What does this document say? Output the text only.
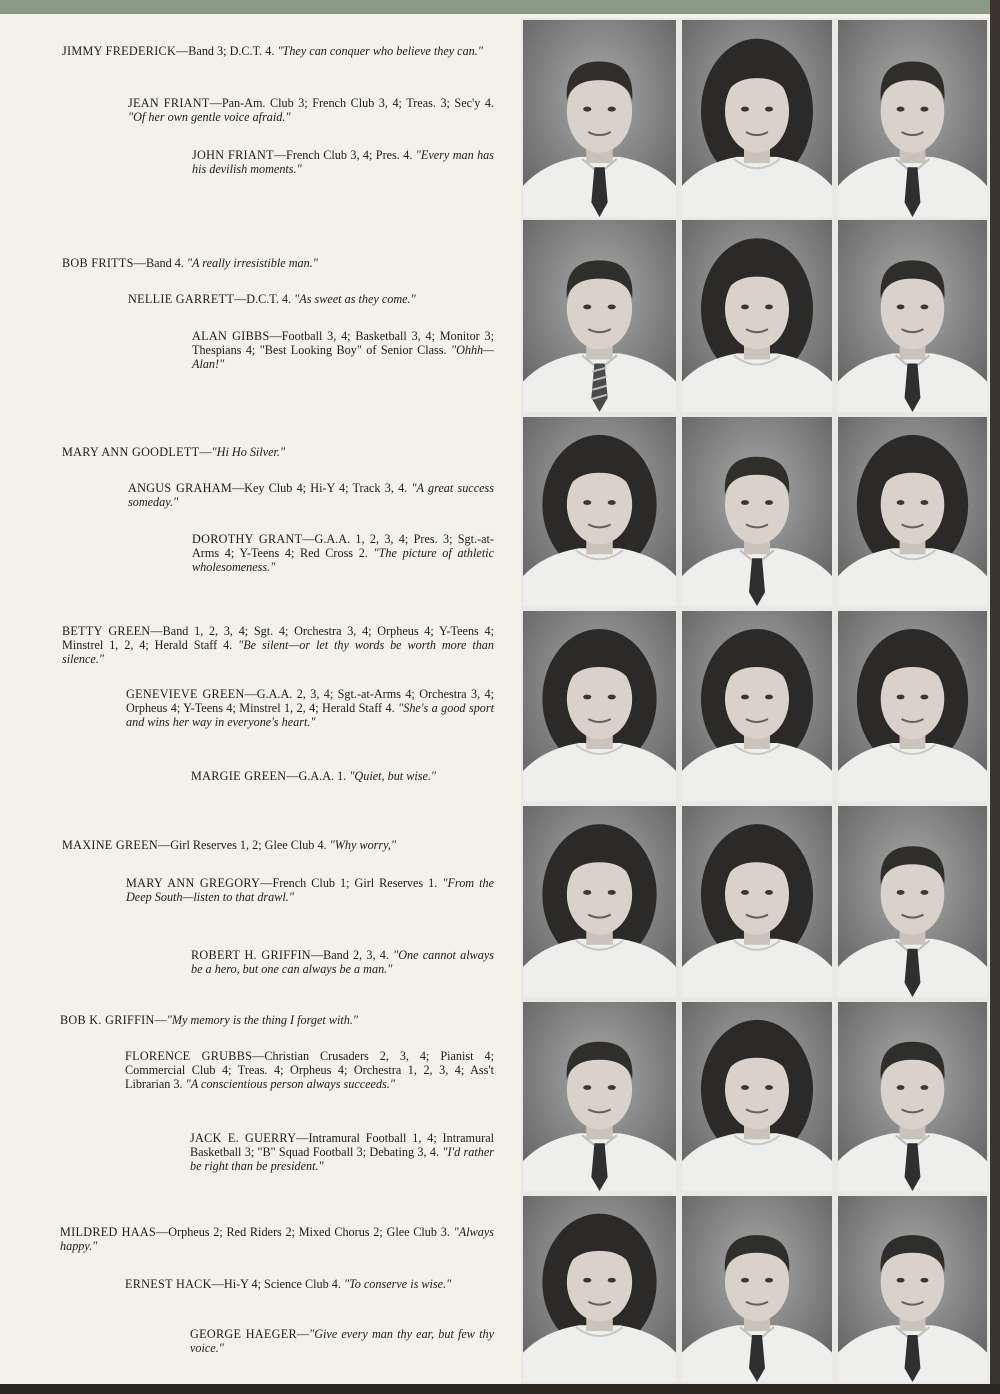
JIMMY FREDERICK—Band 3; D.C.T. 4. "They can conquer who believe they can."
JEAN FRIANT—Pan-Am. Club 3; French Club 3, 4; Treas. 3; Sec'y 4. "Of her own gentle voice afraid."
JOHN FRIANT—French Club 3, 4; Pres. 4. "Every man has his devilish moments."
BOB FRITTS—Band 4. "A really irresistible man."
NELLIE GARRETT—D.C.T. 4. "As sweet as they come."
ALAN GIBBS—Football 3, 4; Basketball 3, 4; Monitor 3; Thespians 4; "Best Looking Boy" of Senior Class. "Ohhh—Alan!"
MARY ANN GOODLETT—"Hi Ho Silver."
ANGUS GRAHAM—Key Club 4; Hi-Y 4; Track 3, 4. "A great success someday."
DOROTHY GRANT—G.A.A. 1, 2, 3, 4; Pres. 3; Sgt.-at-Arms 4; Y-Teens 4; Red Cross 2. "The picture of athletic wholesomeness."
BETTY GREEN—Band 1, 2, 3, 4; Sgt. 4; Orchestra 3, 4; Orpheus 4; Y-Teens 4; Minstrel 1, 2, 4; Herald Staff 4. "Be silent—or let thy words be worth more than silence."
GENEVIEVE GREEN—G.A.A. 2, 3, 4; Sgt.-at-Arms 4; Orchestra 3, 4; Orpheus 4; Y-Teens 4; Minstrel 1, 2, 4; Herald Staff 4. "She's a good sport and wins her way in everyone's heart."
MARGIE GREEN—G.A.A. 1. "Quiet, but wise."
MAXINE GREEN—Girl Reserves 1, 2; Glee Club 4. "Why worry,"
MARY ANN GREGORY—French Club 1; Girl Reserves 1. "From the Deep South—listen to that drawl."
ROBERT H. GRIFFIN—Band 2, 3, 4. "One cannot always be a hero, but one can always be a man."
BOB K. GRIFFIN—"My memory is the thing I forget with."
FLORENCE GRUBBS—Christian Crusaders 2, 3, 4; Pianist 4; Commercial Club 4; Treas. 4; Orpheus 4; Orchestra 1, 2, 3, 4; Ass't Librarian 3. "A conscientious person always succeeds."
JACK E. GUERRY—Intramural Football 1, 4; Intramural Basketball 3; "B" Squad Football 3; Debating 3, 4. "I'd rather be right than be president."
MILDRED HAAS—Orpheus 2; Red Riders 2; Mixed Chorus 2; Glee Club 3. "Always happy."
ERNEST HACK—Hi-Y 4; Science Club 4. "To conserve is wise."
GEORGE HAEGER—"Give every man thy ear, but few thy voice."
